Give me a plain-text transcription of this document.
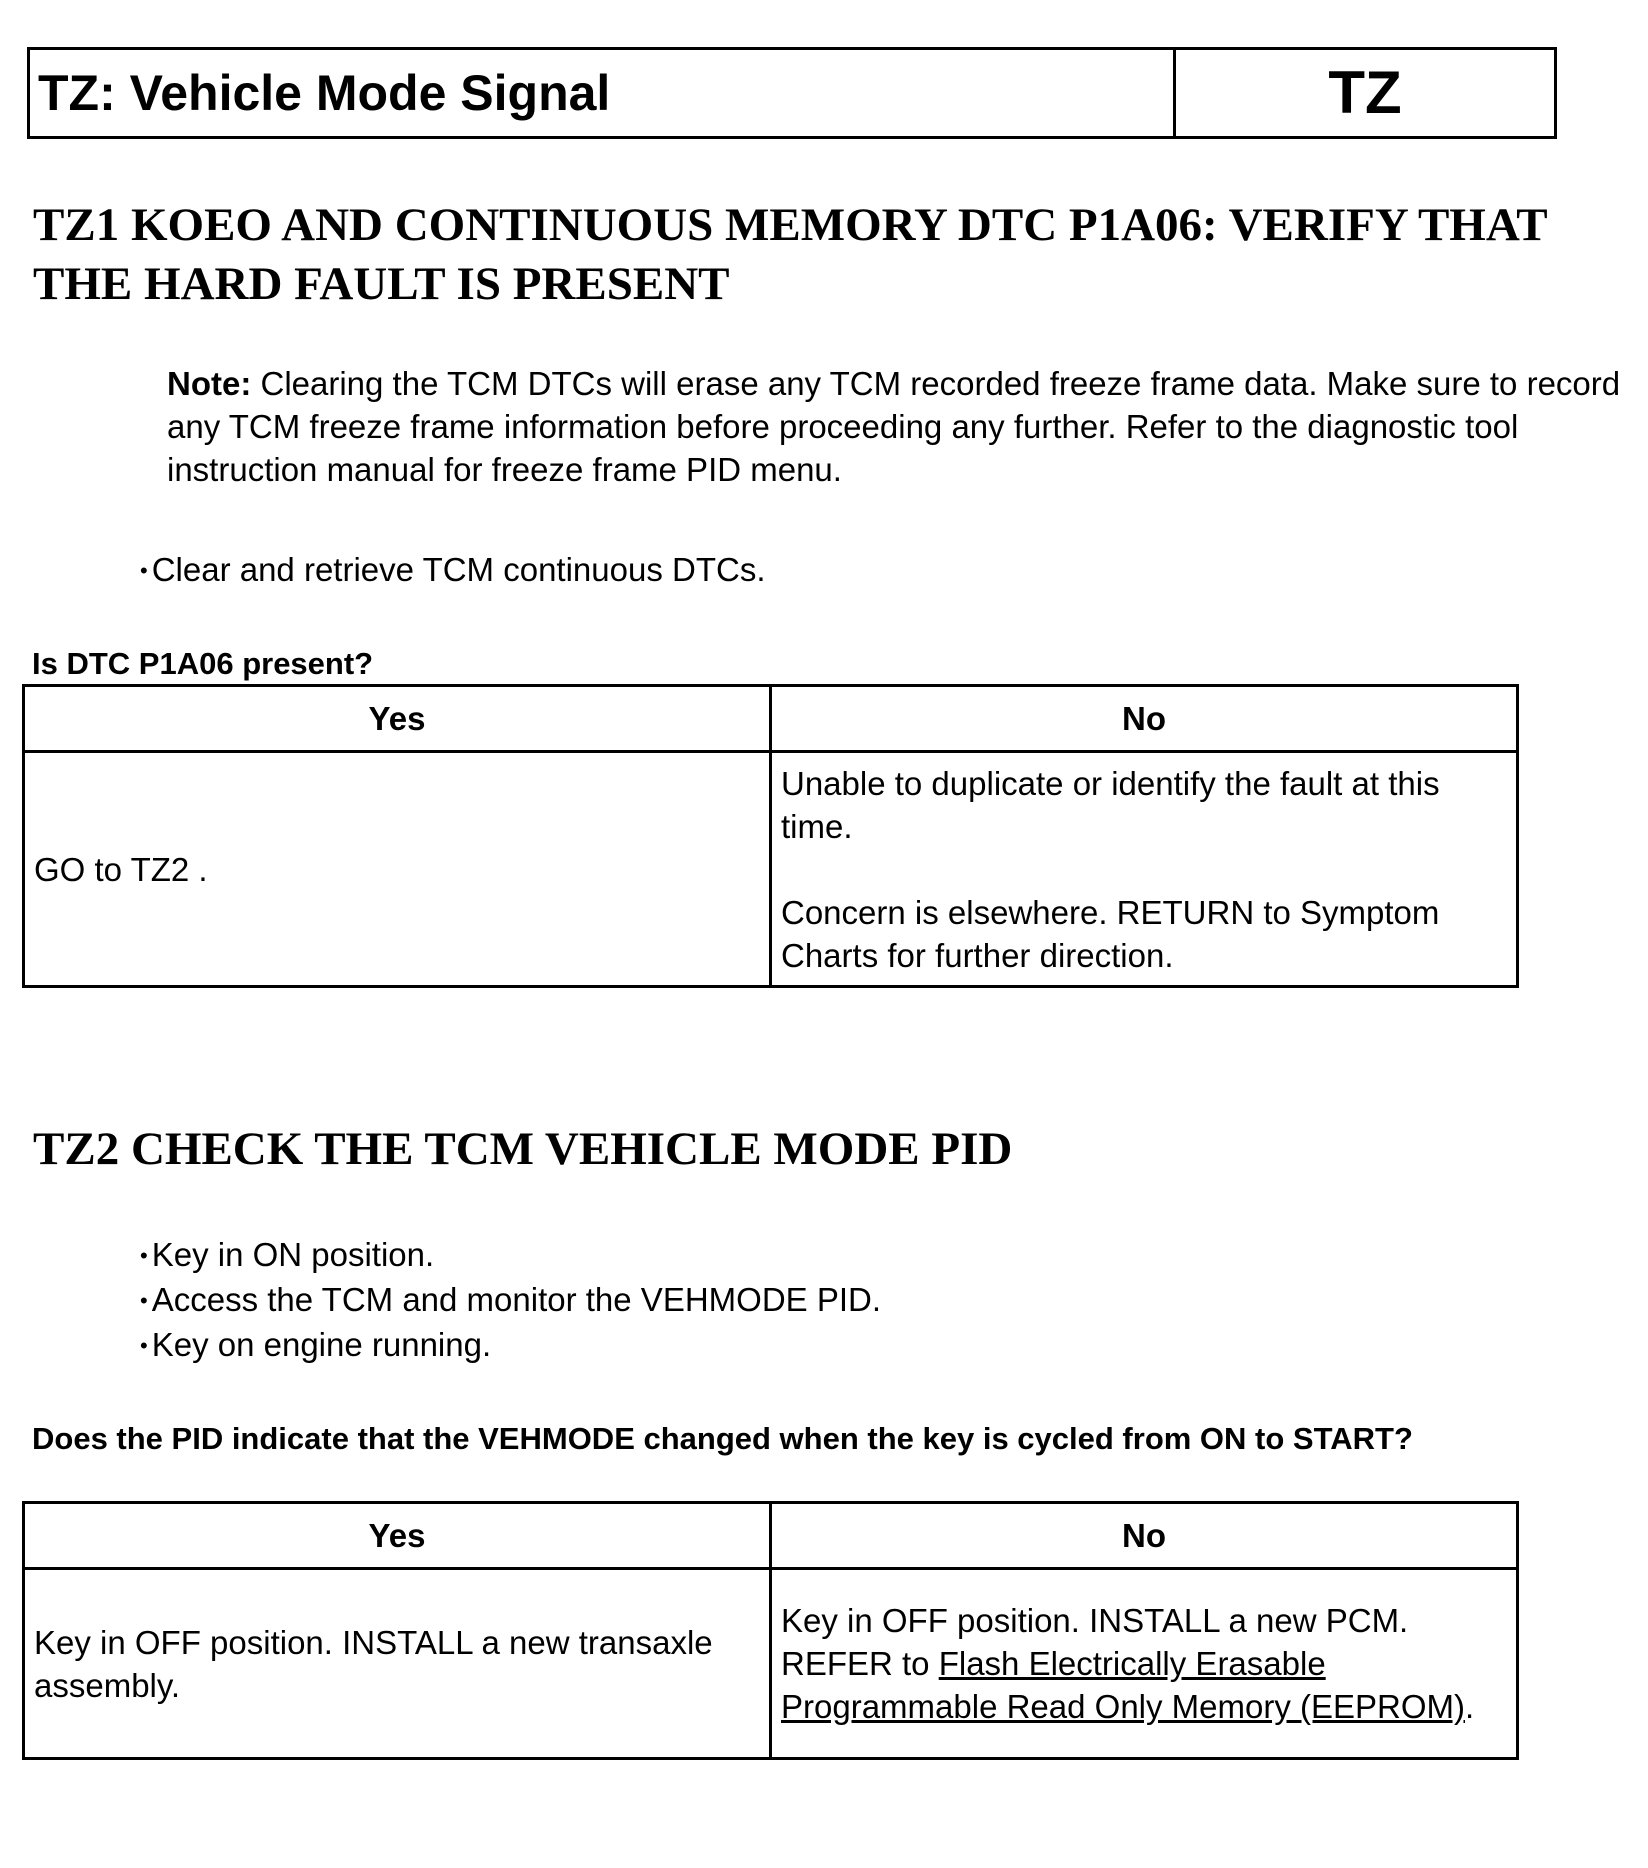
TZ: Vehicle Mode Signal	TZ
TZ1 KOEO AND CONTINUOUS MEMORY DTC P1A06: VERIFY THAT THE HARD FAULT IS PRESENT
Note: Clearing the TCM DTCs will erase any TCM recorded freeze frame data. Make sure to record any TCM freeze frame information before proceeding any further. Refer to the diagnostic tool instruction manual for freeze frame PID menu.
• Clear and retrieve TCM continuous DTCs.
Is DTC P1A06 present?
Yes	No
GO to TZ2 .	Unable to duplicate or identify the fault at this time.
Concern is elsewhere. RETURN to Symptom Charts for further direction.
TZ2 CHECK THE TCM VEHICLE MODE PID
• Key in ON position.
• Access the TCM and monitor the VEHMODE PID.
• Key on engine running.
Does the PID indicate that the VEHMODE changed when the key is cycled from ON to START?
Yes	No
Key in OFF position. INSTALL a new transaxle assembly.	Key in OFF position. INSTALL a new PCM. REFER to Flash Electrically Erasable Programmable Read Only Memory (EEPROM).
